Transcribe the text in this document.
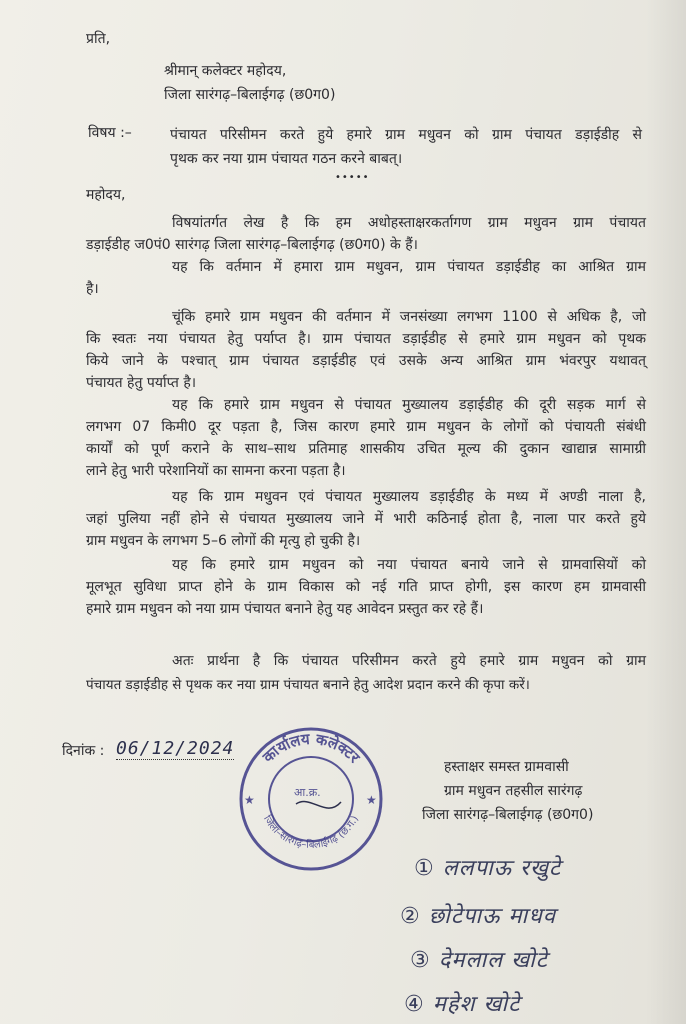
प्रति,
श्रीमान् कलेक्टर महोदय,
जिला सारंगढ़–बिलाईगढ़ (छ0ग0)
विषय :–	पंचायत परिसीमन करते हुये हमारे ग्राम मधुवन को ग्राम पंचायत डड़ाईडीह से
पृथक कर नया ग्राम पंचायत गठन करने बाबत्।
•••••
महोदय,
विषयांतर्गत लेख है कि हम अधोहस्ताक्षरकर्तागण ग्राम मधुवन ग्राम पंचायत
डड़ाईडीह ज0पं0 सारंगढ़ जिला सारंगढ़–बिलाईगढ़ (छ0ग0) के हैं।
यह कि वर्तमान में हमारा ग्राम मधुवन, ग्राम पंचायत डड़ाईडीह का आश्रित ग्राम
है।
चूंकि हमारे ग्राम मधुवन की वर्तमान में जनसंख्या लगभग 1100 से अधिक है, जो
कि स्वतः नया पंचायत हेतु पर्याप्त है। ग्राम पंचायत डड़ाईडीह से हमारे ग्राम मधुवन को पृथक
किये जाने के पश्चात् ग्राम पंचायत डड़ाईडीह एवं उसके अन्य आश्रित ग्राम भंवरपुर यथावत्
पंचायत हेतु पर्याप्त है।
यह कि हमारे ग्राम मधुवन से पंचायत मुख्यालय डड़ाईडीह की दूरी सड़क मार्ग से
लगभग 07 किमी0 दूर पड़ता है, जिस कारण हमारे ग्राम मधुवन के लोगों को पंचायती संबंधी
कार्यों को पूर्ण कराने के साथ–साथ प्रतिमाह शासकीय उचित मूल्य की दुकान खाद्यान्न सामाग्री
लाने हेतु भारी परेशानियों का सामना करना पड़ता है।
यह कि ग्राम मधुवन एवं पंचायत मुख्यालय डड़ाईडीह के मध्य में अण्डी नाला है,
जहां पुलिया नहीं होने से पंचायत मुख्यालय जाने में भारी कठिनाई होता है, नाला पार करते हुये
ग्राम मधुवन के लगभग 5–6 लोगों की मृत्यु हो चुकी है।
यह कि हमारे ग्राम मधुवन को नया पंचायत बनाये जाने से ग्रामवासियों को
मूलभूत सुविधा प्राप्त होने के ग्राम विकास को नई गति प्राप्त होगी, इस कारण हम ग्रामवासी
हमारे ग्राम मधुवन को नया ग्राम पंचायत बनाने हेतु यह आवेदन प्रस्तुत कर रहे हैं।
अतः प्रार्थना है कि पंचायत परिसीमन करते हुये हमारे ग्राम मधुवन को ग्राम
पंचायत डड़ाईडीह से पृथक कर नया ग्राम पंचायत बनाने हेतु आदेश प्रदान करने की कृपा करें।
दिनांक : 06/12/2024 कार्यालय कलेक्टर
जिला–सारंगढ़–बिलाईगढ़ (छ.ग.)
आ.क्र.
★	★
हस्ताक्षर समस्त ग्रामवासी
ग्राम मधुवन तहसील सारंगढ़
जिला सारंगढ़–बिलाईगढ़ (छ0ग0)
① ललपाऊ रखुटे
② छोटेपाऊ माधव
③ देमलाल खोटे
④ महेश खोटे
